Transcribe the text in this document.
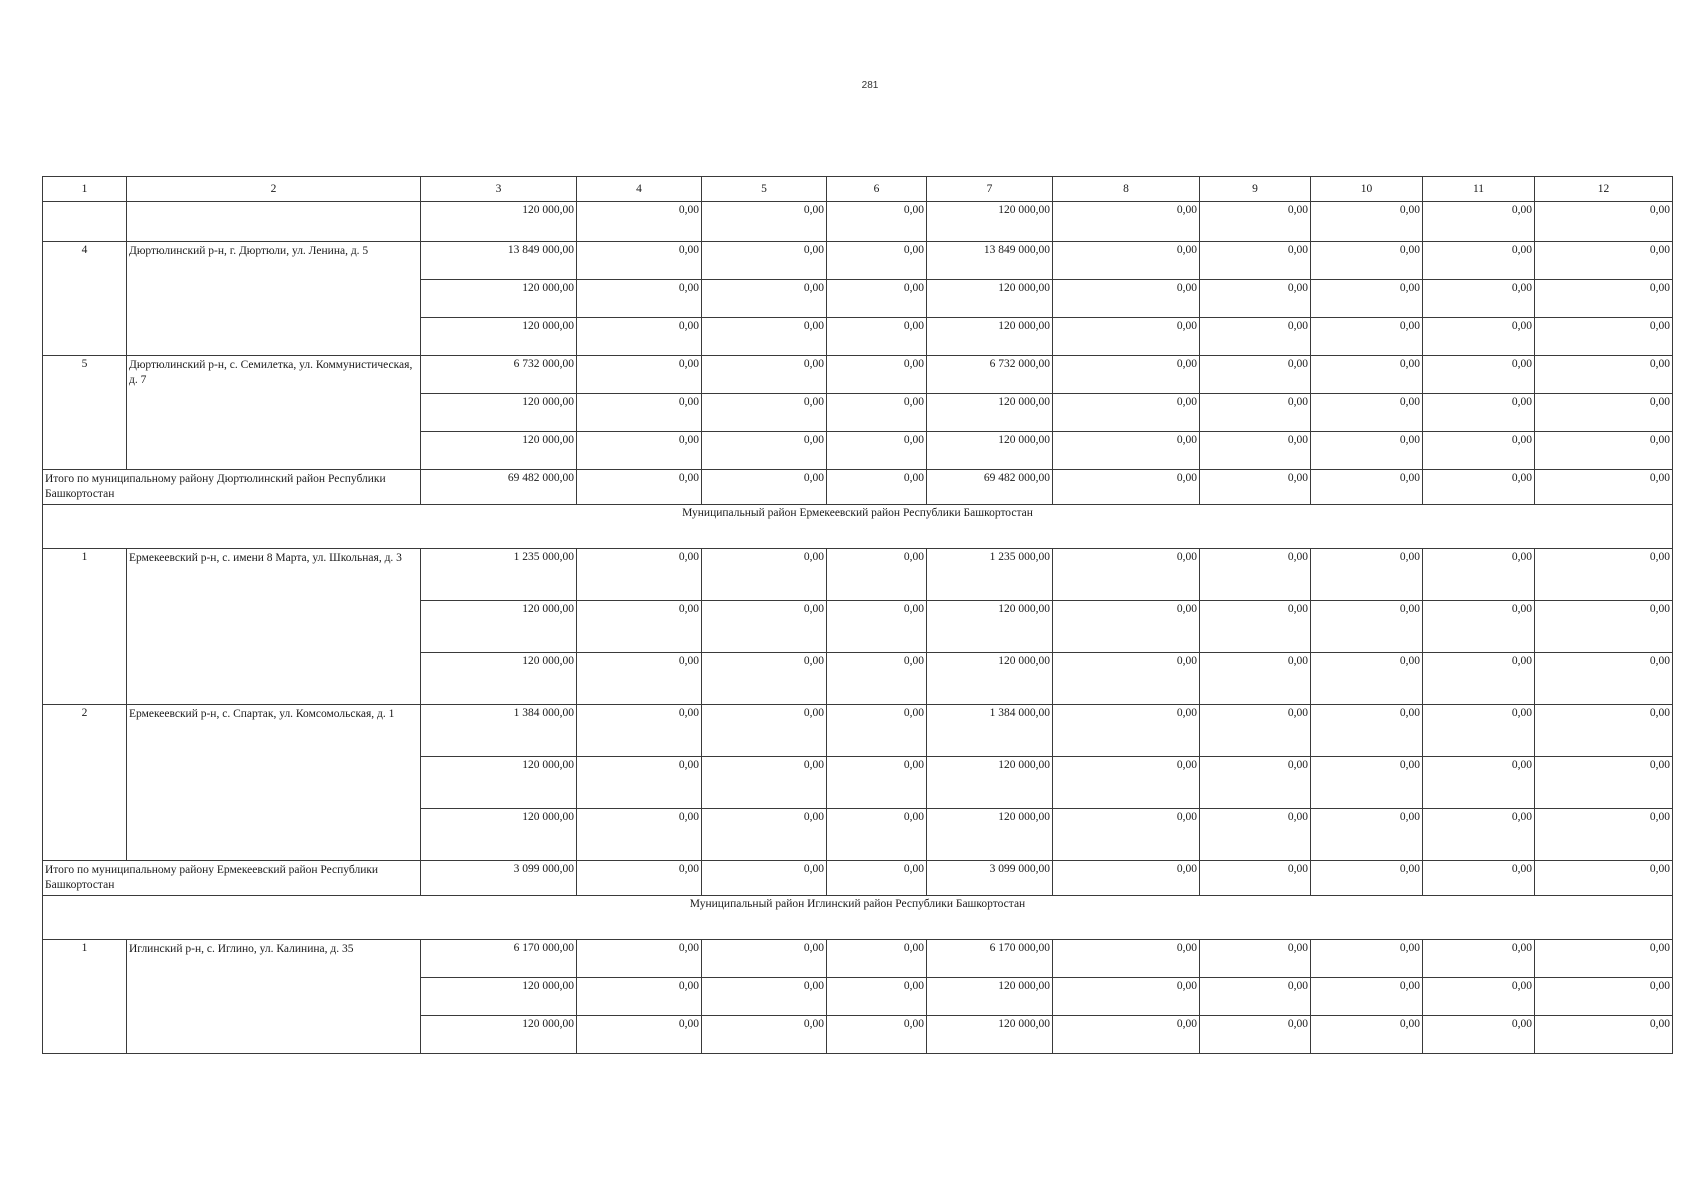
281
1	2	3	4	5	6	7	8	9	10	11	12
		120 000,00	0,00	0,00	0,00	120 000,00	0,00	0,00	0,00	0,00	0,00
4	Дюртюлинский р-н, г. Дюртюли, ул. Ленина, д. 5	13 849 000,00	0,00	0,00	0,00	13 849 000,00	0,00	0,00	0,00	0,00	0,00
		120 000,00	0,00	0,00	0,00	120 000,00	0,00	0,00	0,00	0,00	0,00
		120 000,00	0,00	0,00	0,00	120 000,00	0,00	0,00	0,00	0,00	0,00
5	Дюртюлинский р-н, с. Семилетка, ул. Коммунистическая, д. 7	6 732 000,00	0,00	0,00	0,00	6 732 000,00	0,00	0,00	0,00	0,00	0,00
		120 000,00	0,00	0,00	0,00	120 000,00	0,00	0,00	0,00	0,00	0,00
		120 000,00	0,00	0,00	0,00	120 000,00	0,00	0,00	0,00	0,00	0,00
Итого по муниципальному району Дюртюлинский район Республики Башкортостан		69 482 000,00	0,00	0,00	0,00	69 482 000,00	0,00	0,00	0,00	0,00	0,00
Муниципальный район Ермекеевский район Республики Башкортостан											
1	Ермекеевский р-н, с. имени 8 Марта, ул. Школьная, д. 3	1 235 000,00	0,00	0,00	0,00	1 235 000,00	0,00	0,00	0,00	0,00	0,00
		120 000,00	0,00	0,00	0,00	120 000,00	0,00	0,00	0,00	0,00	0,00
		120 000,00	0,00	0,00	0,00	120 000,00	0,00	0,00	0,00	0,00	0,00
2	Ермекеевский р-н, с. Спартак, ул. Комсомольская, д. 1	1 384 000,00	0,00	0,00	0,00	1 384 000,00	0,00	0,00	0,00	0,00	0,00
		120 000,00	0,00	0,00	0,00	120 000,00	0,00	0,00	0,00	0,00	0,00
		120 000,00	0,00	0,00	0,00	120 000,00	0,00	0,00	0,00	0,00	0,00
Итого по муниципальному району Ермекеевский район Республики Башкортостан		3 099 000,00	0,00	0,00	0,00	3 099 000,00	0,00	0,00	0,00	0,00	0,00
Муниципальный район Иглинский район Республики Башкортостан											
1	Иглинский р-н, с. Иглино, ул. Калинина, д. 35	6 170 000,00	0,00	0,00	0,00	6 170 000,00	0,00	0,00	0,00	0,00	0,00
		120 000,00	0,00	0,00	0,00	120 000,00	0,00	0,00	0,00	0,00	0,00
		120 000,00	0,00	0,00	0,00	120 000,00	0,00	0,00	0,00	0,00	0,00
